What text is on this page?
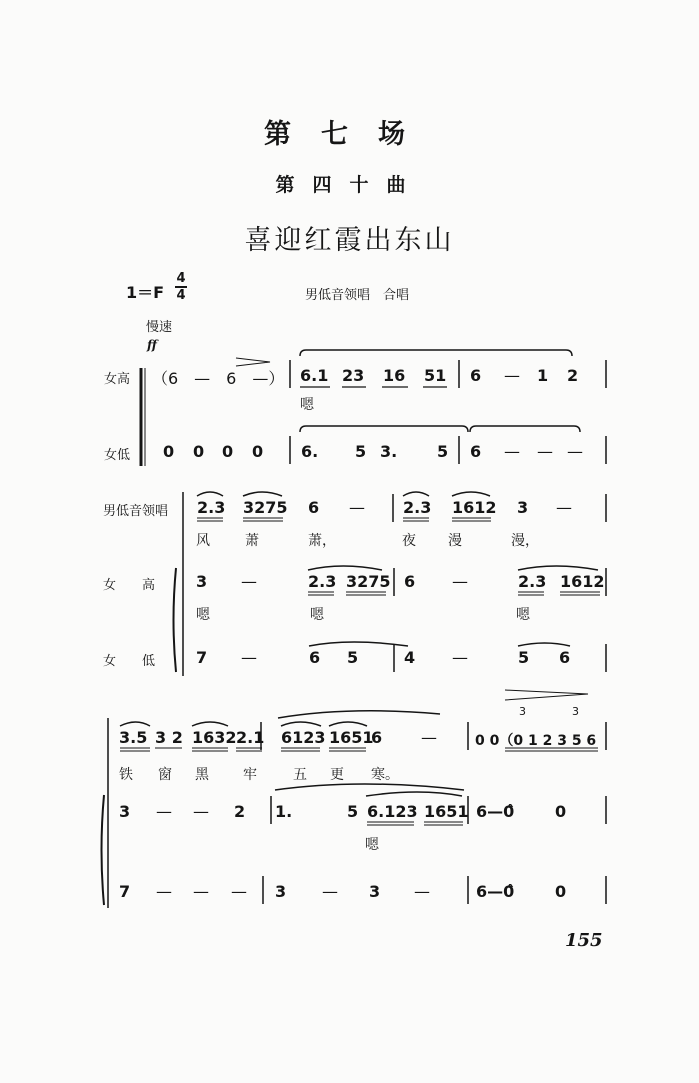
第七场
第四十曲
喜迎红霞出东山
1＝F
4
4	男低音领唱　合唱
慢速
ff
女高
女低
（6　—　6　—） 6.1 23 16 51 6 — 1 2
嗯
0 0 0 0 6. 5 3. 5 6 — — —
男低音领唱
女　　高
女　　低
2.3 3275 6 — 2.3 1612 3 —
风	萧	萧，	夜 漫	漫，
3 —	2.3 3275 6 —	2.3 1612
嗯	嗯	嗯
7 —	6 5	4 —	5 6
3.5 3 2 1632 2.1 6123 1651
6 —	0 0（0 1 2 3 5 6
3	3
铁 窗 黑 牢	五 更 寒。
3 — — 2 1.	5 6.123 1651 6—0̂	0
嗯
7 — — — 3 — 3 —	6—0̂	0
155
